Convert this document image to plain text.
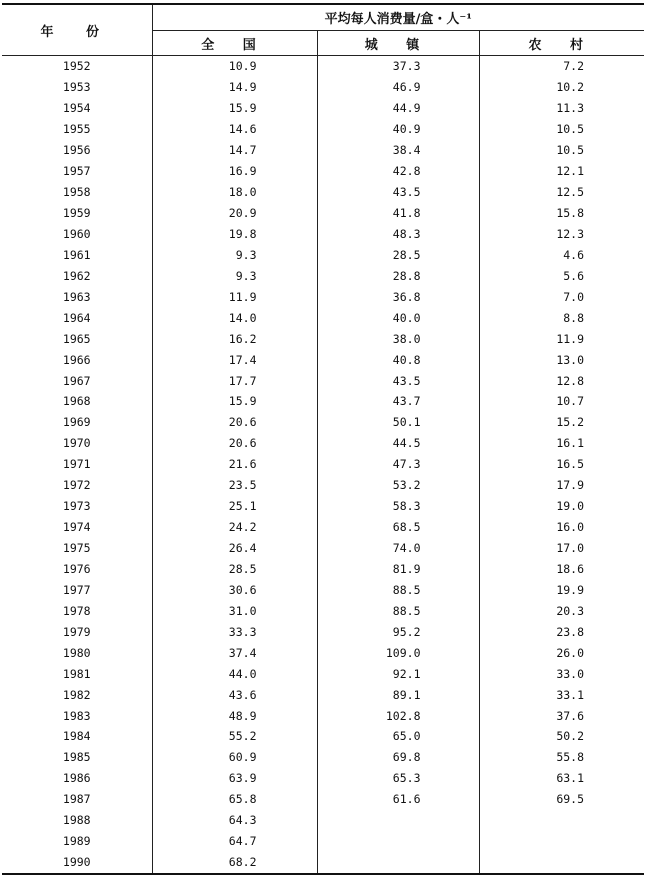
年 份	平均每人消费量/盒・人⁻¹		
	全 国	城 镇	农 村
1952	10.9	37.3	7.2
1953	14.9	46.9	10.2
1954	15.9	44.9	11.3
1955	14.6	40.9	10.5
1956	14.7	38.4	10.5
1957	16.9	42.8	12.1
1958	18.0	43.5	12.5
1959	20.9	41.8	15.8
1960	19.8	48.3	12.3
1961	9.3	28.5	4.6
1962	9.3	28.8	5.6
1963	11.9	36.8	7.0
1964	14.0	40.0	8.8
1965	16.2	38.0	11.9
1966	17.4	40.8	13.0
1967	17.7	43.5	12.8
1968	15.9	43.7	10.7
1969	20.6	50.1	15.2
1970	20.6	44.5	16.1
1971	21.6	47.3	16.5
1972	23.5	53.2	17.9
1973	25.1	58.3	19.0
1974	24.2	68.5	16.0
1975	26.4	74.0	17.0
1976	28.5	81.9	18.6
1977	30.6	88.5	19.9
1978	31.0	88.5	20.3
1979	33.3	95.2	23.8
1980	37.4	109.0	26.0
1981	44.0	92.1	33.0
1982	43.6	89.1	33.1
1983	48.9	102.8	37.6
1984	55.2	65.0	50.2
1985	60.9	69.8	55.8
1986	63.9	65.3	63.1
1987	65.8	61.6	69.5
1988	64.3		
1989	64.7		
1990	68.2		
